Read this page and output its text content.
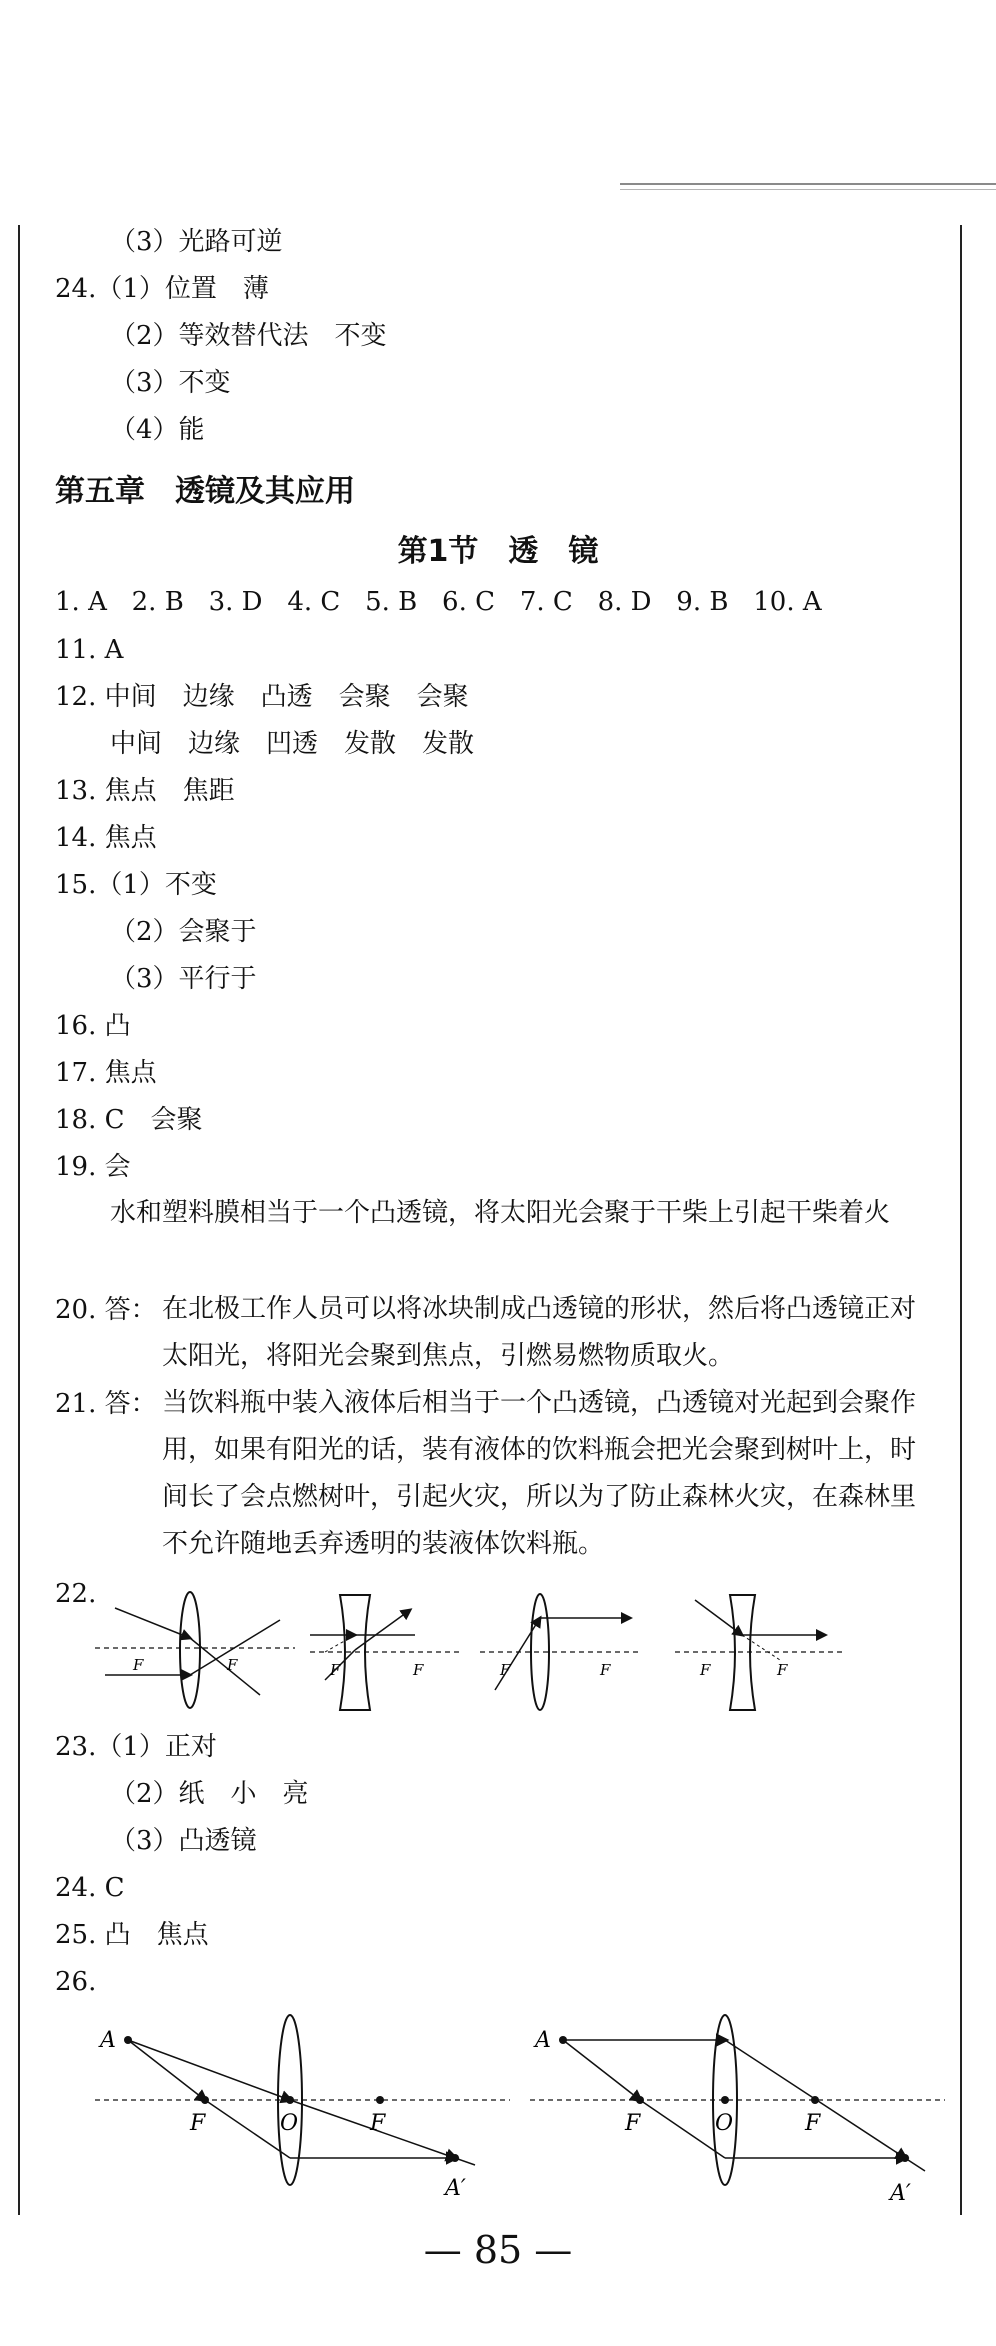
（3）光路可逆
24.（1）位置　薄
（2）等效替代法　不变
（3）不变
（4）能
第五章　透镜及其应用
第1节　透　镜
1. A   2. B   3. D   4. C   5. B   6. C   7. C   8. D   9. B   10. A
11. A
12. 中间　边缘　凸透　会聚　会聚
中间　边缘　凹透　发散　发散
13. 焦点　焦距
14. 焦点
15.（1）不变
（2）会聚于
（3）平行于
16. 凸
17. 焦点
18. C　会聚
19. 会
水和塑料膜相当于一个凸透镜，将太阳光会聚于干柴上引起干柴着火
20. 答： 在北极工作人员可以将冰块制成凸透镜的形状，然后将凸透镜正对太阳光，将阳光会聚到焦点，引燃易燃物质取火。
21. 答： 当饮料瓶中装入液体后相当于一个凸透镜，凸透镜对光起到会聚作用，如果有阳光的话，装有液体的饮料瓶会把光会聚到树叶上，时间长了会点燃树叶，引起火灾，所以为了防止森林火灾，在森林里不允许随地丢弃透明的装液体饮料瓶。
22.
F	F	F	F	F	F	F	F
23.（1）正对
（2）纸　小　亮
（3）凸透镜
24. C
25. 凸　焦点
26.
A
F	O	F
A′
A
F	O	F
A′
— 85 —
